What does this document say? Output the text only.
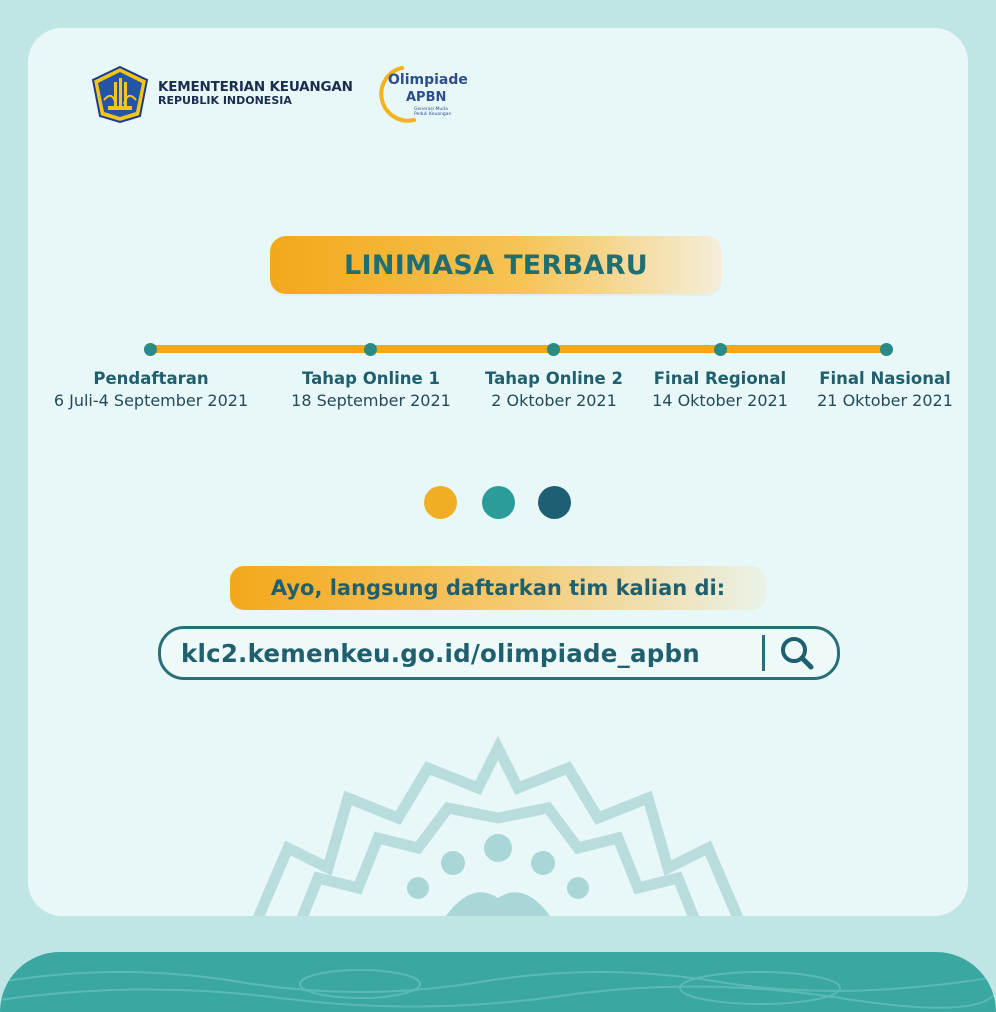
KEMENTERIAN KEUANGAN
REPUBLIK INDONESIA
Olimpiade
APBN
Generasi Muda Peduli Keuangan
LINIMASA TERBARU
Pendaftaran
6 Juli-4 September 2021
Tahap Online 1
18 September 2021
Tahap Online 2
2 Oktober 2021
Final Regional
14 Oktober 2021
Final Nasional
21 Oktober 2021
Ayo, langsung daftarkan tim kalian di:
klc2.kemenkeu.go.id/olimpiade_apbn
